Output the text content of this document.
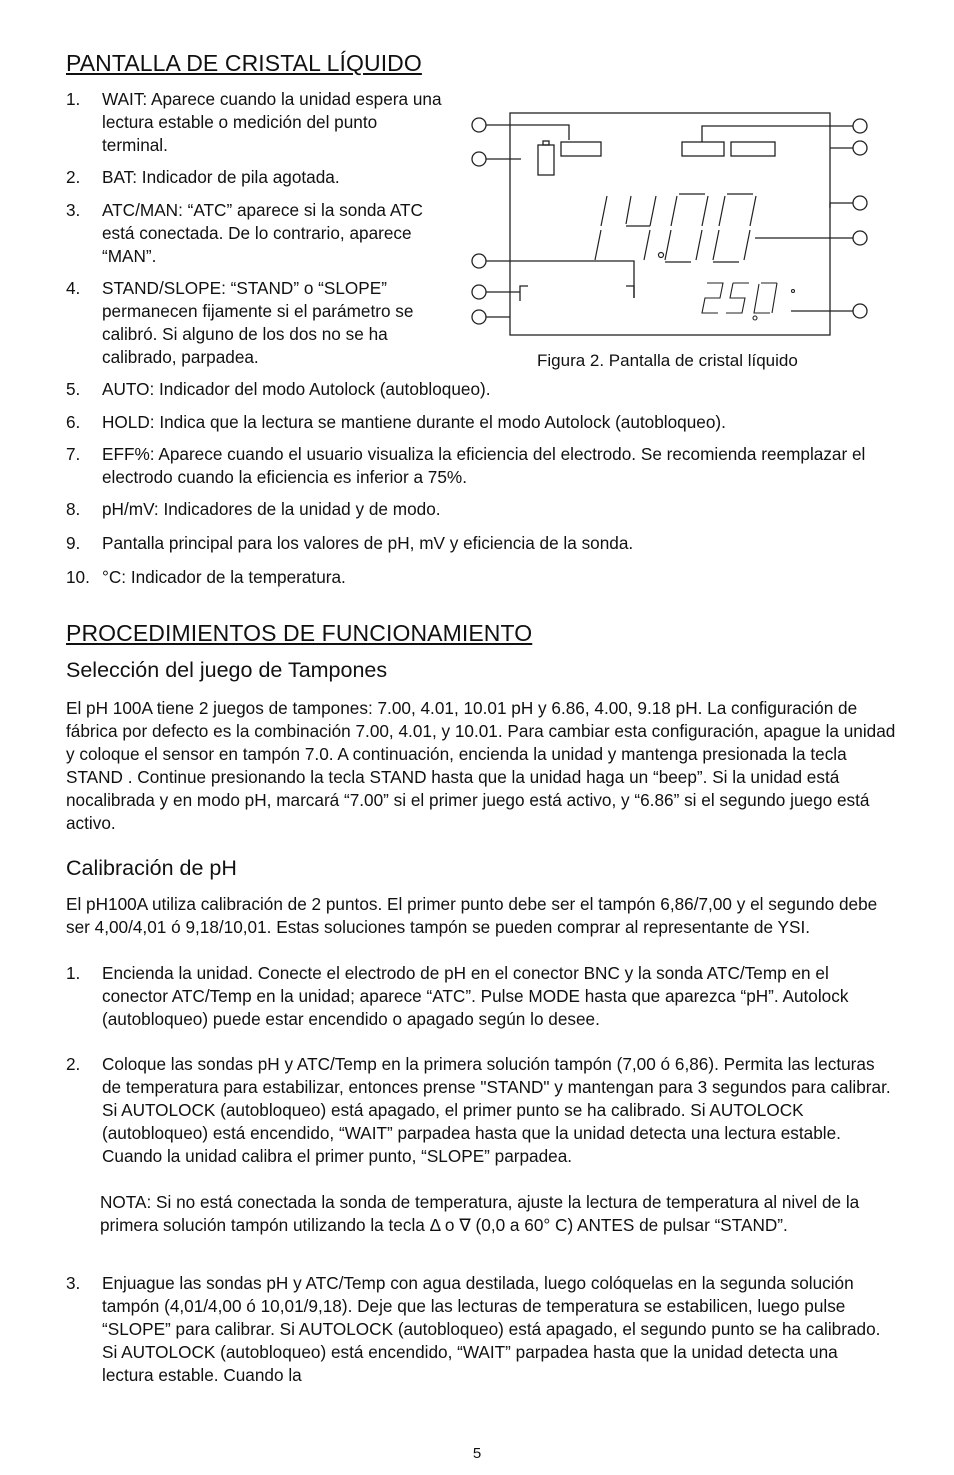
PANTALLA DE CRISTAL LÍQUIDO
1. WAIT: Aparece cuando la unidad espera una lectura estable o medición del punto terminal.
2. BAT: Indicador de pila agotada.
3. ATC/MAN: “ATC” aparece si la sonda ATC está conectada. De lo contrario, aparece “MAN”.
4. STAND/SLOPE: “STAND” o “SLOPE” permanecen fijamente si el parámetro se calibró. Si alguno de los dos no se ha calibrado, parpadea.	Figura 2. Pantalla de cristal líquido
5. AUTO: Indicador del modo Autolock (autobloqueo).
6. HOLD: Indica que la lectura se mantiene durante el modo Autolock (autobloqueo).
7. EFF%: Aparece cuando el usuario visualiza la eficiencia del electrodo. Se recomienda reemplazar el electrodo cuando la eficiencia es inferior a 75%.
8. pH/mV: Indicadores de la unidad y de modo.
9. Pantalla principal para los valores de pH, mV y eficiencia de la sonda.
10. °C: Indicador de la temperatura.
PROCEDIMIENTOS DE FUNCIONAMIENTO
Selección del juego de Tampones
El pH 100A tiene 2 juegos de tampones: 7.00, 4.01, 10.01 pH y 6.86, 4.00, 9.18 pH. La configuración de fábrica por defecto es la combinación 7.00, 4.01, y 10.01. Para cambiar esta configuración, apague la unidad y coloque el sensor en tampón 7.0. A continuación, encienda la unidad y mantenga presionada la tecla STAND . Continue presionando la tecla STAND hasta que la unidad haga un “beep”. Si la unidad está nocalibrada y en modo pH, marcará “7.00” si el primer juego está activo, y “6.86” si el segundo juego está activo.
Calibración de pH
El pH100A utiliza calibración de 2 puntos. El primer punto debe ser el tampón 6,86/7,00 y el segundo debe ser 4,00/4,01 ó 9,18/10,01. Estas soluciones tampón se pueden comprar al representante de YSI.
1. Encienda la unidad. Conecte el electrodo de pH en el conector BNC y la sonda ATC/Temp en el conector ATC/Temp en la unidad; aparece “ATC”. Pulse MODE hasta que aparezca “pH”. Autolock (autobloqueo) puede estar encendido o apagado según lo desee.
2. Coloque las sondas pH y ATC/Temp en la primera solución tampón (7,00 ó 6,86). Permita las lecturas de temperatura para estabilizar, entonces prense "STAND" y mantengan para 3 segundos para calibrar. Si AUTOLOCK (autobloqueo) está apagado, el primer punto se ha calibrado. Si AUTOLOCK (autobloqueo) está encendido, “WAIT” parpadea hasta que la unidad detecta una lectura estable. Cuando la unidad calibra el primer punto, “SLOPE” parpadea.
NOTA: Si no está conectada la sonda de temperatura, ajuste la lectura de temperatura al nivel de la primera solución tampón utilizando la tecla Δ o ∇ (0,0 a 60° C) ANTES de pulsar “STAND”.
3. Enjuague las sondas pH y ATC/Temp con agua destilada, luego colóquelas en la segunda solución tampón (4,01/4,00 ó 10,01/9,18). Deje que las lecturas de temperatura se estabilicen, luego pulse “SLOPE” para calibrar. Si AUTOLOCK (autobloqueo) está apagado, el segundo punto se ha calibrado. Si AUTOLOCK (autobloqueo) está encendido, “WAIT” parpadea hasta que la unidad detecta una lectura estable. Cuando la
5
